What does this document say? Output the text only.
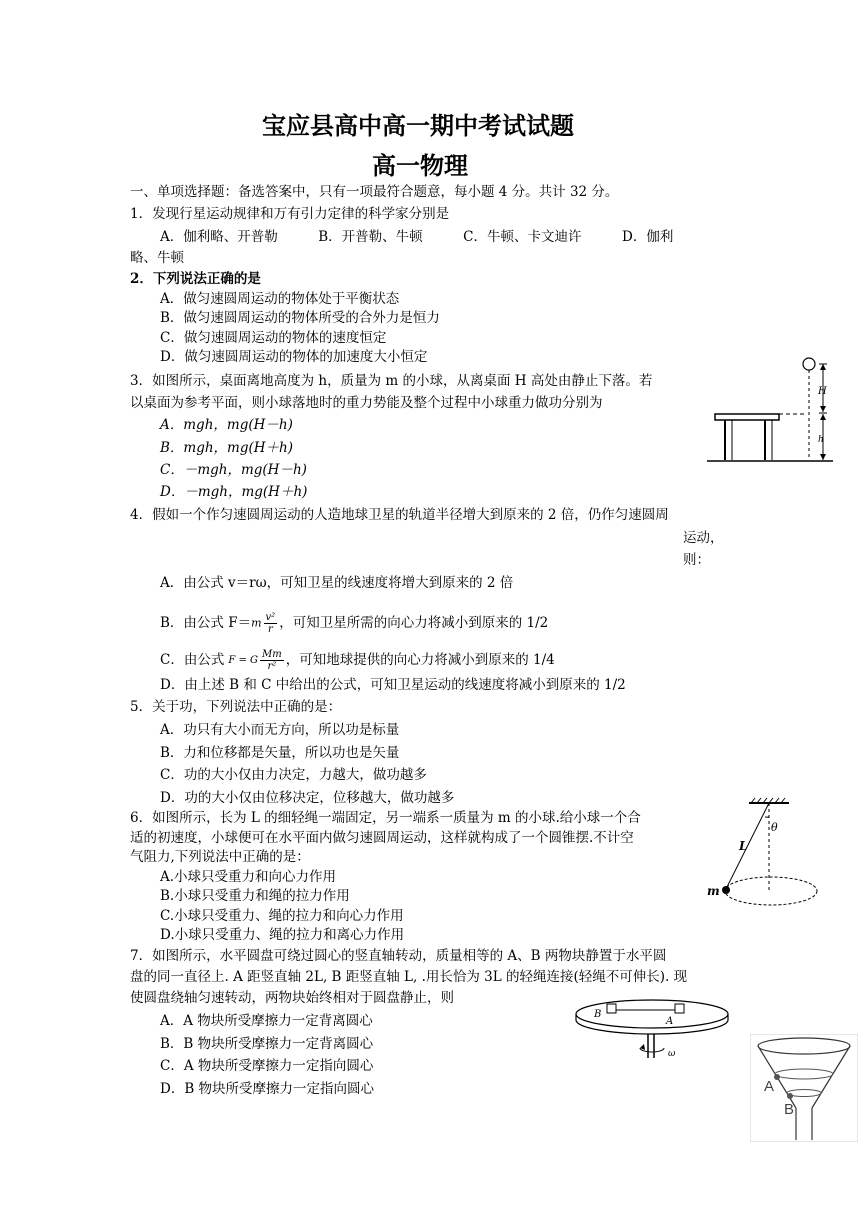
宝应县高中高一期中考试试题
高一物理
一、单项选择题：备选答案中，只有一项最符合题意，每小题 4 分。共计 32 分。
1．发现行星运动规律和万有引力定律的科学家分别是
A．伽利略、开普勒　　　B．开普勒、牛顿　　　C．牛顿、卡文迪许　　　D．伽利
略、牛顿
2．下列说法正确的是
A．做匀速圆周运动的物体处于平衡状态
B．做匀速圆周运动的物体所受的合外力是恒力
C．做匀速圆周运动的物体的速度恒定
D．做匀速圆周运动的物体的加速度大小恒定
3．如图所示，桌面离地高度为 h，质量为 m 的小球，从离桌面 H 高处由静止下落。若
以桌面为参考平面，则小球落地时的重力势能及整个过程中小球重力做功分别为
A．mgh，mg(H－h)
B．mgh，mg(H＋h)
C．－mgh，mg(H－h)
D．－mgh，mg(H＋h)
H
h
4．假如一个作匀速圆周运动的人造地球卫星的轨道半径增大到原来的 2 倍，仍作匀速圆周
运动，
则：
A．由公式 v＝rω，可知卫星的线速度将增大到原来的 2 倍
B．由公式 $F=m \frac{\text{v²}}{r}$ ，可知卫星所需的向心力将减小到原来的 1/2
C．由公式 F = G $\frac{Mm}{\text{r²}}$ ，可知地球提供的向心力将减小到原来的 1/4
D．由上述 B 和 C 中给出的公式，可知卫星运动的线速度将减小到原来的 1/2
5．关于功，下列说法中正确的是：
A．功只有大小而无方向，所以功是标量
B．力和位移都是矢量，所以功也是矢量
C．功的大小仅由力决定，力越大，做功越多
D．功的大小仅由位移决定，位移越大，做功越多
6．如图所示，长为 L 的细轻绳一端固定，另一端系一质量为 m 的小球.给小球一个合
适的初速度，小球便可在水平面内做匀速圆周运动，这样就构成了一个圆锥摆.不计空
气阻力,下列说法中正确的是：
A.小球只受重力和向心力作用
B.小球只受重力和绳的拉力作用
C.小球只受重力、绳的拉力和向心力作用
D.小球只受重力、绳的拉力和离心力作用
θ
L
m
7．如图所示，水平圆盘可绕过圆心的竖直轴转动，质量相等的 A、B 两物块静置于水平圆
盘的同一直径上. A 距竖直轴 2L, B 距竖直轴 L, .用长恰为 3L 的轻绳连接(轻绳不可伸长). 现
使圆盘绕轴匀速转动，两物块始终相对于圆盘静止，则
A．A 物块所受摩擦力一定背离圆心
B．B 物块所受摩擦力一定背离圆心
C．A 物块所受摩擦力一定指向圆心
D．B 物块所受摩擦力一定指向圆心
B
A
ω
A
B
